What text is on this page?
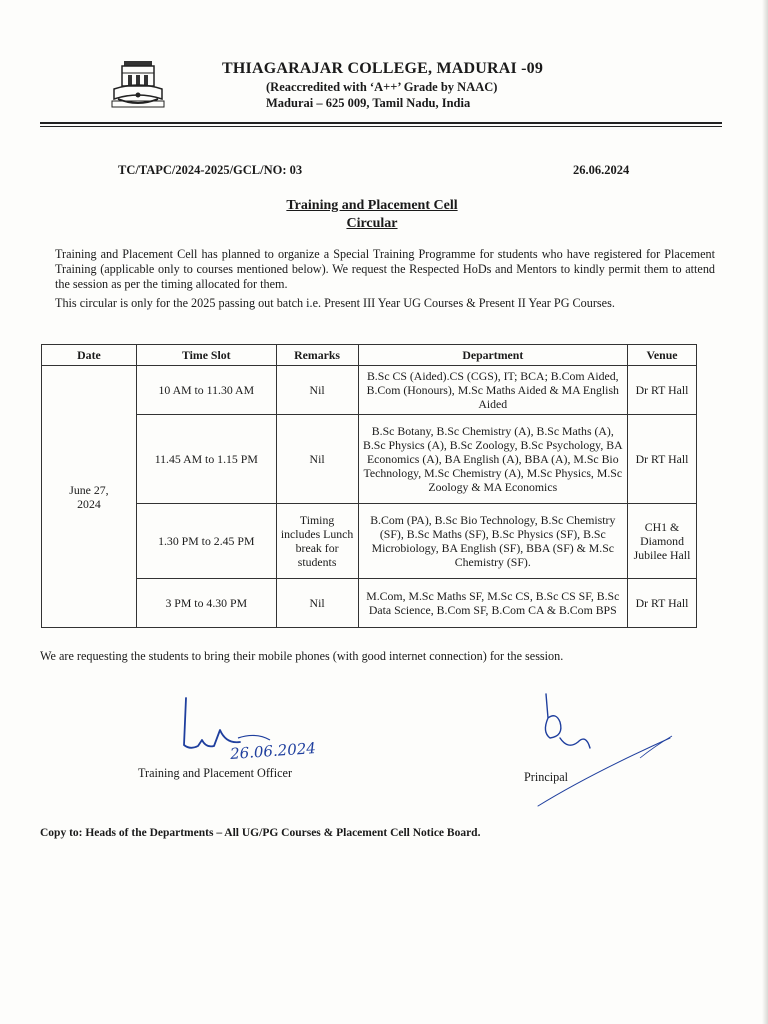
THIAGARAJAR COLLEGE, MADURAI -09
(Reaccredited with ‘A++’ Grade by NAAC)
Madurai – 625 009, Tamil Nadu, India
TC/TAPC/2024-2025/GCL/NO: 03	26.06.2024
Training and Placement Cell
Circular
Training and Placement Cell has planned to organize a Special Training Programme for students who have registered for Placement Training (applicable only to courses mentioned below). We request the Respected HoDs and Mentors to kindly permit them to attend the session as per the timing allocated for them.
This circular is only for the 2025 passing out batch i.e. Present III Year UG Courses & Present II Year PG Courses.
Date	Time Slot	Remarks	Department	Venue
June 27, 2024	10 AM to 11.30 AM	Nil	B.Sc CS (Aided).CS (CGS), IT; BCA; B.Com Aided, B.Com (Honours), M.Sc Maths Aided & MA English Aided	Dr RT Hall
	11.45 AM to 1.15 PM	Nil	B.Sc Botany, B.Sc Chemistry (A), B.Sc Maths (A), B.Sc Physics (A), B.Sc Zoology, B.Sc Psychology, BA Economics (A), BA English (A), BBA (A), M.Sc Bio Technology, M.Sc Chemistry (A), M.Sc Physics, M.Sc Zoology & MA Economics	Dr RT Hall
	1.30 PM to 2.45 PM	Timing includes Lunch break for students	B.Com (PA), B.Sc Bio Technology, B.Sc Chemistry (SF), B.Sc Maths (SF), B.Sc Physics (SF), B.Sc Microbiology, BA English (SF), BBA (SF) & M.Sc Chemistry (SF).	CH1 & Diamond Jubilee Hall
	3 PM to 4.30 PM	Nil	M.Com, M.Sc Maths SF, M.Sc CS, B.Sc CS SF, B.Sc Data Science, B.Com SF, B.Com CA & B.Com BPS	Dr RT Hall
We are requesting the students to bring their mobile phones (with good internet connection) for the session.
26.06.2024
Training and Placement Officer	Principal
Copy to: Heads of the Departments – All UG/PG Courses & Placement Cell Notice Board.
